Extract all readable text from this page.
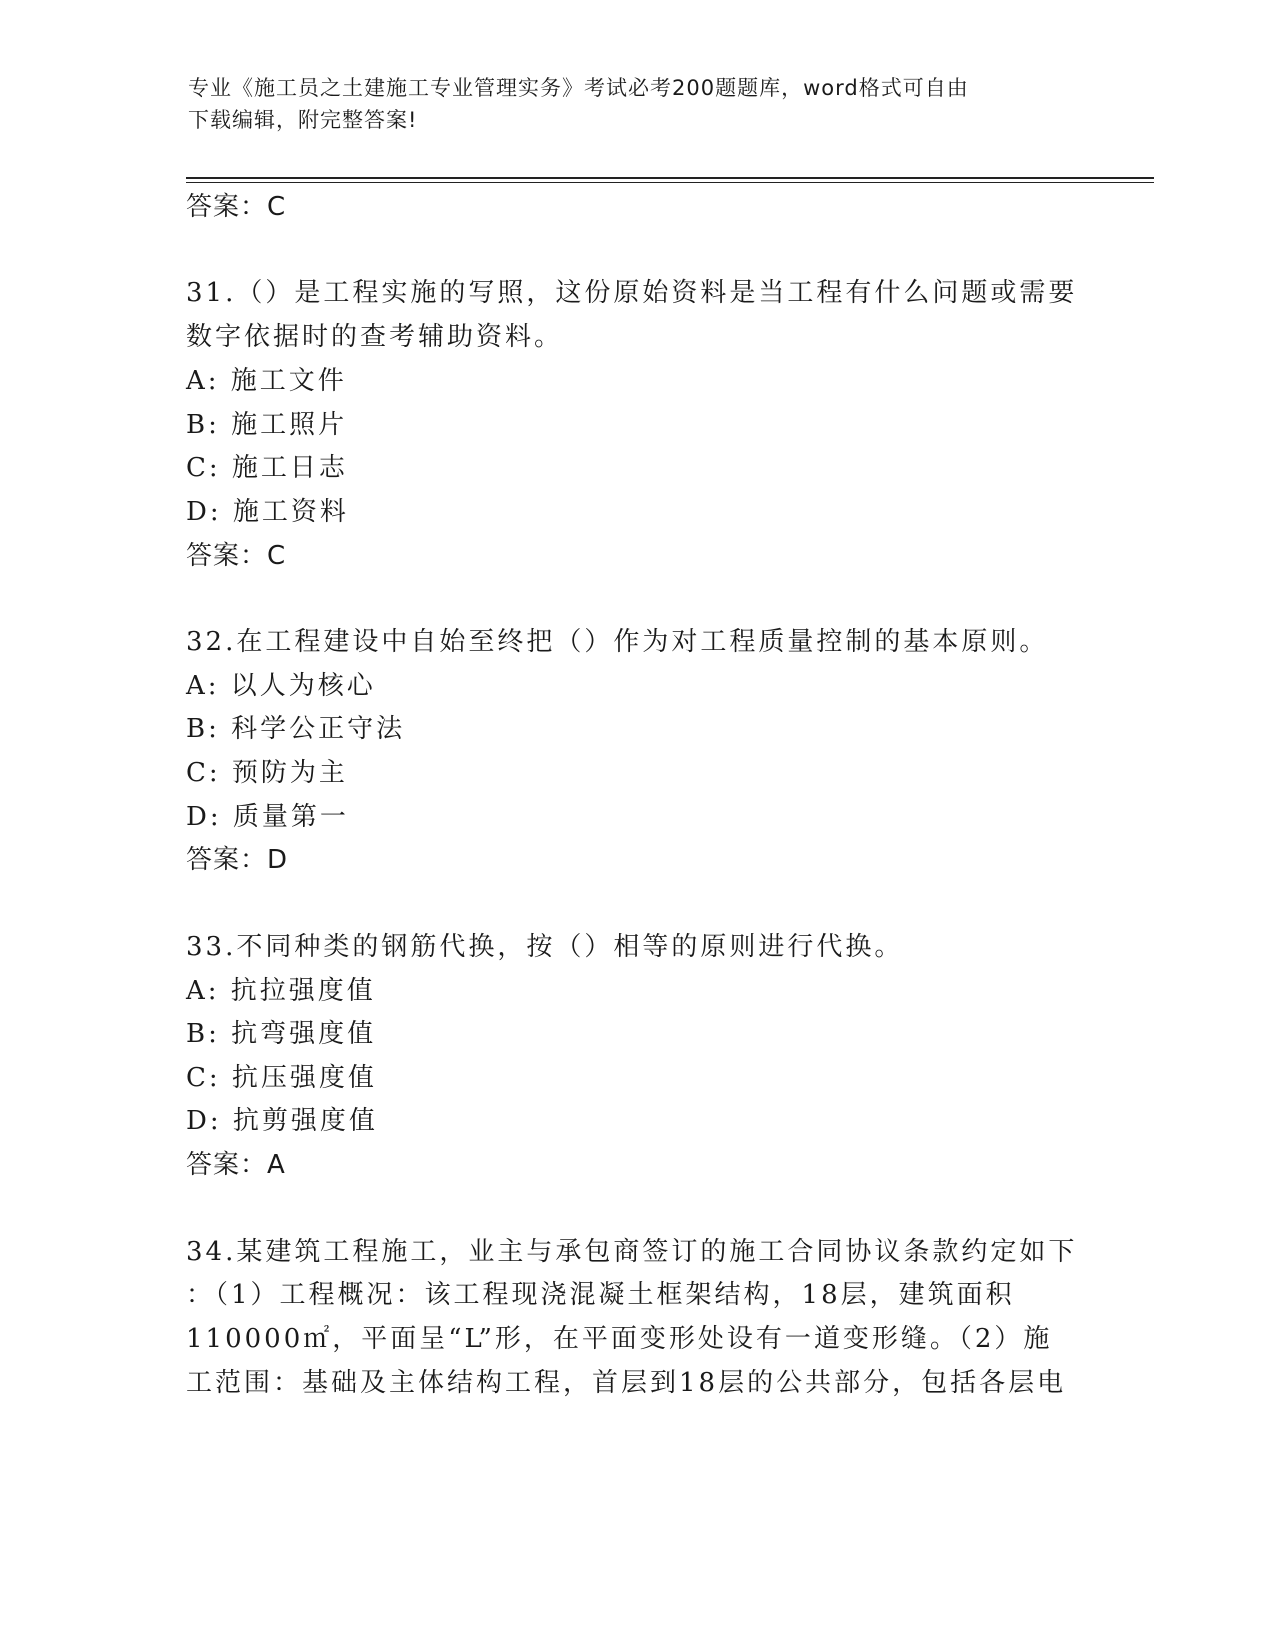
专业《施工员之土建施工专业管理实务》考试必考200题题库，word格式可自由
下载编辑，附完整答案!
答案：C
31.（）是工程实施的写照，这份原始资料是当工程有什么问题或需要
数字依据时的查考辅助资料。
A: 施工文件
B: 施工照片
C: 施工日志
D: 施工资料
答案：C
32.在工程建设中自始至终把（）作为对工程质量控制的基本原则。
A: 以人为核心
B: 科学公正守法
C: 预防为主
D: 质量第一
答案：D
33.不同种类的钢筋代换，按（）相等的原则进行代换。
A: 抗拉强度值
B: 抗弯强度值
C: 抗压强度值
D: 抗剪强度值
答案：A
34.某建筑工程施工，业主与承包商签订的施工合同协议条款约定如下
：（1）工程概况：该工程现浇混凝土框架结构，18层，建筑面积
110000㎡，平面呈“L”形，在平面变形处设有一道变形缝。（2）施
工范围：基础及主体结构工程，首层到18层的公共部分，包括各层电
